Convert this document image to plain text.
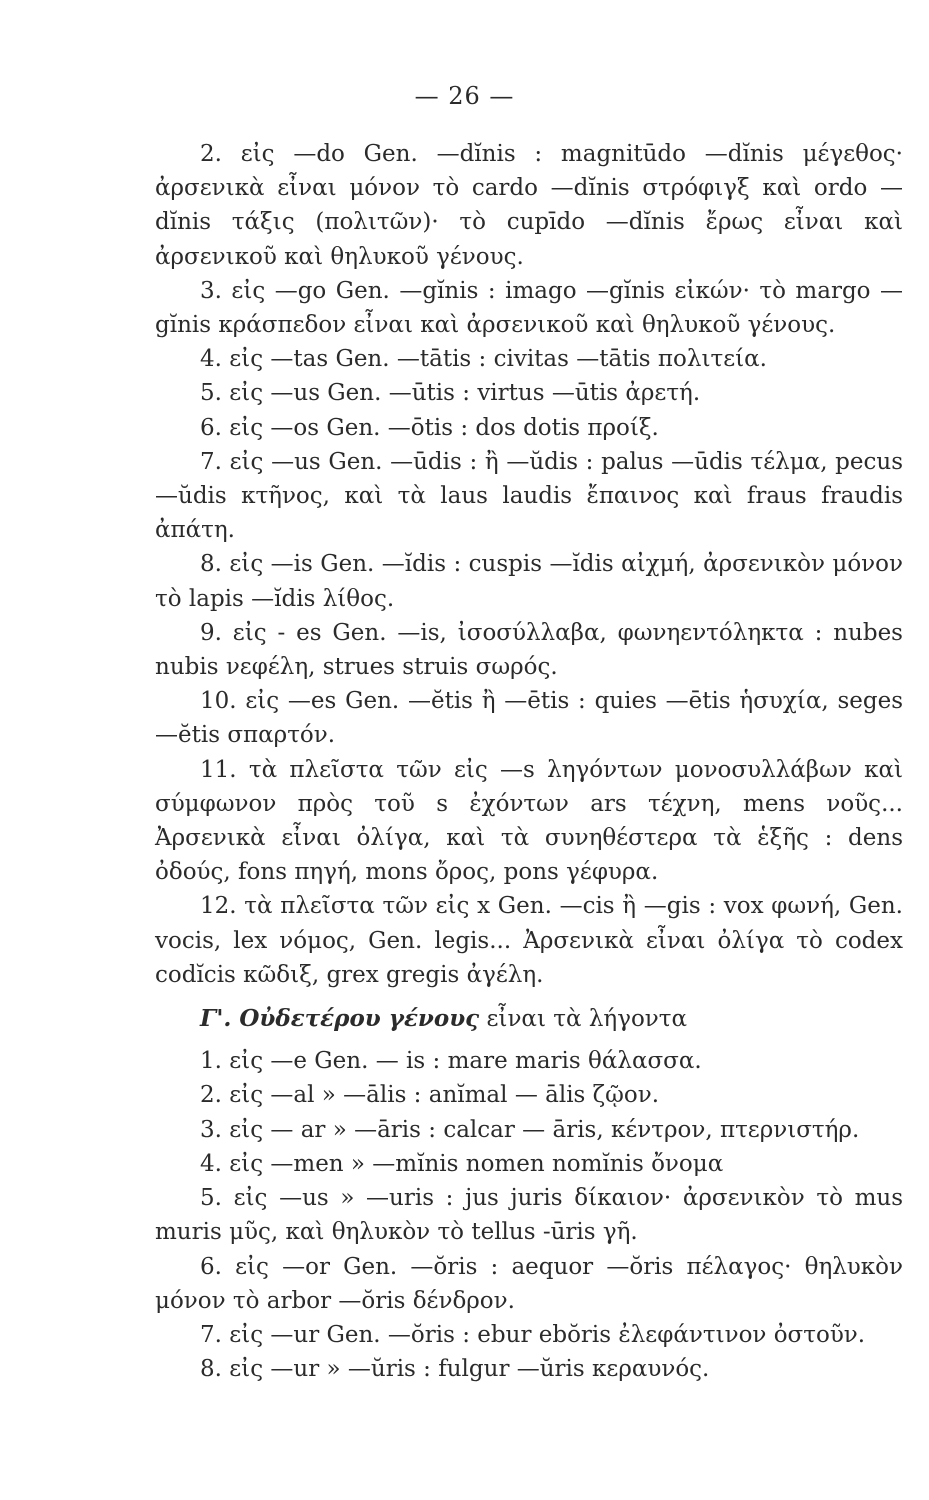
— 26 —

2. εἰς —do Gen. —dĭnis : magnitūdo —dĭnis μέγεθος· ἀρσενικὰ εἶναι μόνον τὸ cardo —dĭnis στρόφιγξ καὶ ordo —dĭnis τάξις (πολιτῶν)· τὸ cupīdo —dĭnis ἔρως εἶναι καὶ ἀρσενικοῦ καὶ θηλυκοῦ γένους.

3. εἰς —go Gen. —gĭnis : imago —gĭnis εἰκών· τὸ margo —gĭnis κράσπεδον εἶναι καὶ ἀρσενικοῦ καὶ θηλυκοῦ γένους.

4. εἰς —tas Gen. —tātis : civitas —tātis πολιτεία.

5. εἰς —us Gen. —ūtis : virtus —ūtis ἀρετή.

6. εἰς —os Gen. —ōtis : dos dotis προίξ.

7. εἰς —us Gen. —ūdis : ἢ —ŭdis : palus —ūdis τέλμα, pecus —ŭdis κτῆνος, καὶ τὰ laus laudis ἔπαινος καὶ fraus fraudis ἀπάτη.

8. εἰς —is Gen. —ĭdis : cuspis —ĭdis αἰχμή, ἀρσενικὸν μόνον τὸ lapis —ĭdis λίθος.

9. εἰς - es Gen. —is, ἰσοσύλλαβα, φωνηεντόληκτα : nubes nubis νεφέλη, strues struis σωρός.

10. εἰς —es Gen. —ĕtis ἢ —ētis : quies —ētis ἡσυχία, seges —ĕtis σπαρτόν.

11. τὰ πλεῖστα τῶν εἰς —s ληγόντων μονοσυλλάβων καὶ σύμφωνον πρὸς τοῦ s ἐχόντων ars τέχνη, mens νοῦς... Ἀρσενικὰ εἶναι ὀλίγα, καὶ τὰ συνηθέστερα τὰ ἑξῆς : dens ὀδούς, fons πηγή, mons ὄρος, pons γέφυρα.

12. τὰ πλεῖστα τῶν εἰς x Gen. —cis ἢ —gis : vox φωνή, Gen. vocis, lex νόμος, Gen. legis... Ἀρσενικὰ εἶναι ὀλίγα τὸ codex codĭcis κῶδιξ, grex gregis ἀγέλη.

Γ'. Οὐδετέρου γένους εἶναι τὰ λήγοντα

1. εἰς —e Gen. — is : mare maris θάλασσα.

2. εἰς —al » —ālis : anĭmal — ālis ζῷον.

3. εἰς — ar » —āris : calcar — āris, κέντρον, πτερνιστήρ.

4. εἰς —men » —mĭnis nomen nomĭnis ὄνομα

5. εἰς —us » —uris : jus juris δίκαιον· ἀρσενικὸν τὸ mus muris μῦς, καὶ θηλυκὸν τὸ tellus -ūris γῆ.

6. εἰς —or Gen. —ŏris : aequor —ŏris πέλαγος· θηλυκὸν μόνον τὸ arbor —ŏris δένδρον.

7. εἰς —ur Gen. —ŏris : ebur ebŏris ἐλεφάντινον ὀστοῦν.

8. εἰς —ur » —ŭris : fulgur —ŭris κεραυνός.
